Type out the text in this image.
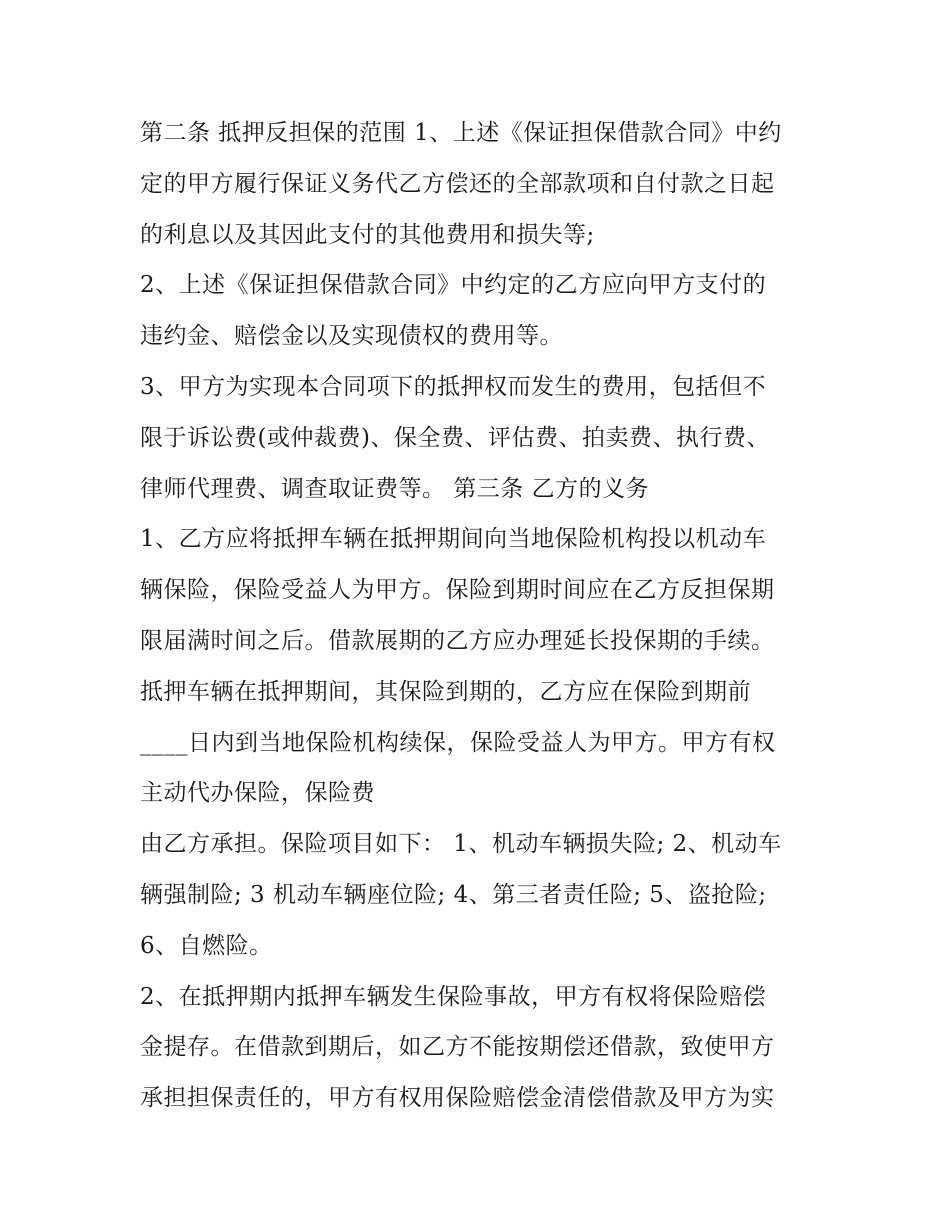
第二条 抵押反担保的范围 1、上述《保证担保借款合同》中约
定的甲方履行保证义务代乙方偿还的全部款项和自付款之日起
的利息以及其因此支付的其他费用和损失等;
2、上述《保证担保借款合同》中约定的乙方应向甲方支付的
违约金、赔偿金以及实现债权的费用等。
3、甲方为实现本合同项下的抵押权而发生的费用，包括但不
限于诉讼费(或仲裁费)、保全费、评估费、拍卖费、执行费、
律师代理费、调查取证费等。 第三条 乙方的义务
1、乙方应将抵押车辆在抵押期间向当地保险机构投以机动车
辆保险，保险受益人为甲方。保险到期时间应在乙方反担保期
限届满时间之后。借款展期的乙方应办理延长投保期的手续。
抵押车辆在抵押期间，其保险到期的，乙方应在保险到期前
____日内到当地保险机构续保，保险受益人为甲方。甲方有权
主动代办保险，保险费
由乙方承担。保险项目如下： 1、机动车辆损失险; 2、机动车
辆强制险; 3 机动车辆座位险; 4、第三者责任险; 5、盗抢险;
6、自燃险。
2、在抵押期内抵押车辆发生保险事故，甲方有权将保险赔偿
金提存。在借款到期后，如乙方不能按期偿还借款，致使甲方
承担担保责任的，甲方有权用保险赔偿金清偿借款及甲方为实
